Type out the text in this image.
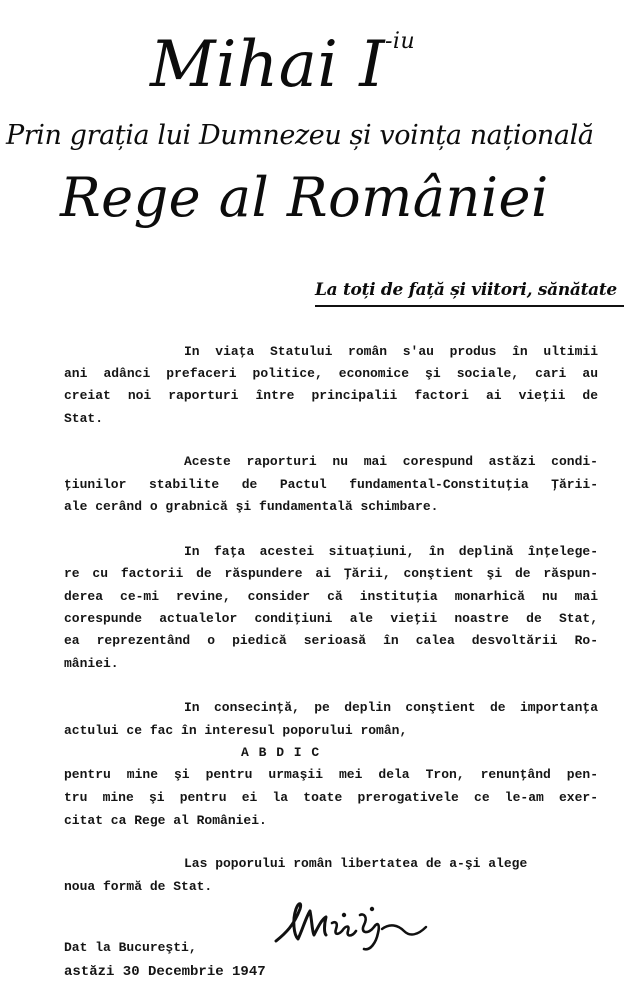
Mihai $I^{-iu}$
Prin grația lui Dumnezeu și voința națională
Rege al României
La toți de față și viitori, sănătate
In viaţa Statului român s'au produs în ultimii
ani adânci prefaceri politice, economice şi sociale, cari au
creiat noi raporturi între principalii factori ai vieţii de
Stat.
Aceste raporturi nu mai corespund astăzi condi-
ţiunilor stabilite de Pactul fundamental-Constituţia Ţării-
ale cerând o grabnică şi fundamentală schimbare.
In faţa acestei situaţiuni, în deplină înţelege-
re cu factorii de răspundere ai Ţării, conştient şi de răspun-
derea ce-mi revine, consider că instituţia monarhică nu mai
corespunde actualelor condiţiuni ale vieţii noastre de Stat,
ea reprezentând o piedică serioasă în calea desvoltării Ro-
mâniei.
In consecinţă, pe deplin conştient de importanţa
actului ce fac în interesul poporului român,
A B D I C
pentru mine şi pentru urmaşii mei dela Tron, renunţând pen-
tru mine şi pentru ei la toate prerogativele ce le-am exer-
citat ca Rege al României.
Las poporului român libertatea de a-şi alege
noua formă de Stat.
Dat la Bucureşti,
astăzi 30 Decembrie 1947
